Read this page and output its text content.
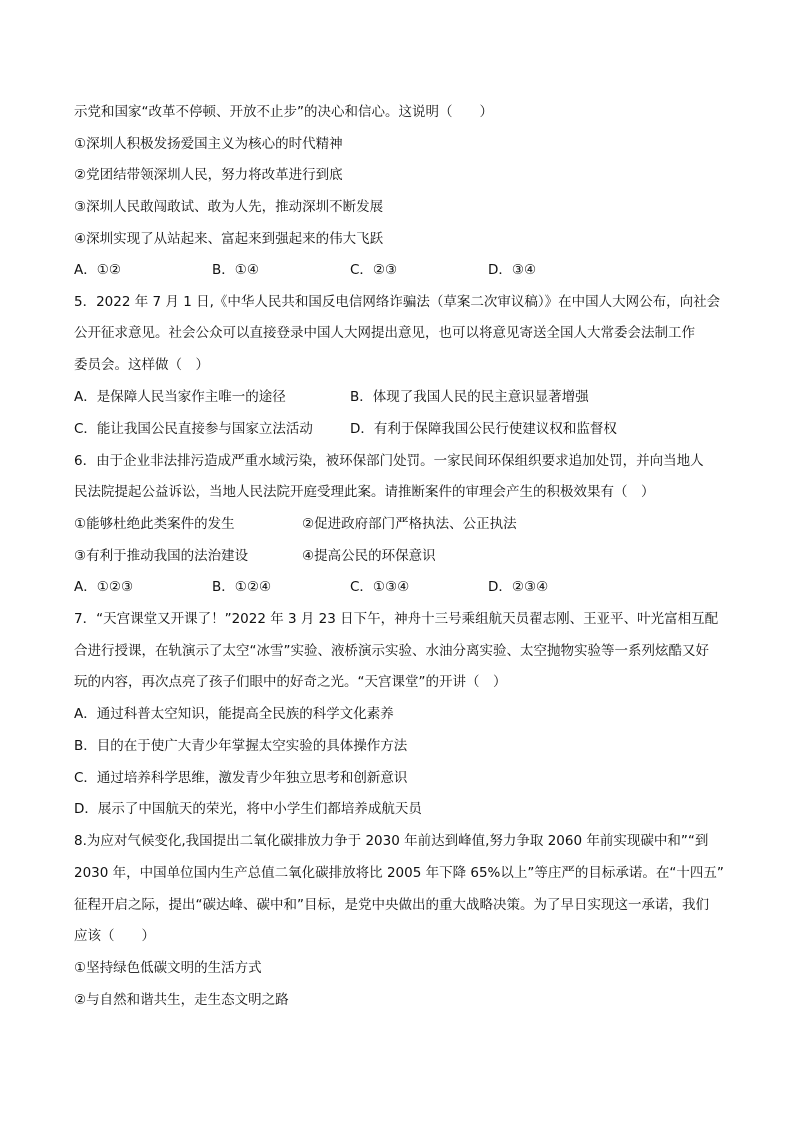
示党和国家“改革不停顿、开放不止步”的决心和信心。这说明（　　）
①深圳人积极发扬爱国主义为核心的时代精神
②党团结带领深圳人民，努力将改革进行到底
③深圳人民敢闯敢试、敢为人先，推动深圳不断发展
④深圳实现了从站起来、富起来到强起来的伟大飞跃
A．①②	B．①④	C．②③	D．③④
5．2022 年 7 月 1 日,《中华人民共和国反电信网络诈骗法（草案二次审议稿）》在中国人大网公布，向社会
公开征求意见。社会公众可以直接登录中国人大网提出意见，也可以将意见寄送全国人大常委会法制工作
委员会。这样做（　）
A．是保障人民当家作主唯一的途径	B．体现了我国人民的民主意识显著增强
C．能让我国公民直接参与国家立法活动	D．有利于保障我国公民行使建议权和监督权
6．由于企业非法排污造成严重水域污染，被环保部门处罚。一家民间环保组织要求追加处罚，并向当地人
民法院提起公益诉讼，当地人民法院开庭受理此案。请推断案件的审理会产生的积极效果有（　）
①能够杜绝此类案件的发生	②促进政府部门严格执法、公正执法
③有利于推动我国的法治建设	④提高公民的环保意识
A．①②③	B．①②④	C．①③④	D．②③④
7．“天宫课堂又开课了！”2022 年 3 月 23 日下午，神舟十三号乘组航天员翟志刚、王亚平、叶光富相互配
合进行授课，在轨演示了太空“冰雪”实验、液桥演示实验、水油分离实验、太空抛物实验等一系列炫酷又好
玩的内容，再次点亮了孩子们眼中的好奇之光。“天宫课堂”的开讲（　）
A．通过科普太空知识，能提高全民族的科学文化素养
B．目的在于使广大青少年掌握太空实验的具体操作方法
C．通过培养科学思维，激发青少年独立思考和创新意识
D．展示了中国航天的荣光，将中小学生们都培养成航天员
8.为应对气候变化,我国提出二氧化碳排放力争于 2030 年前达到峰值,努力争取 2060 年前实现碳中和”“到
2030 年，中国单位国内生产总值二氧化碳排放将比 2005 年下降 65%以上”等庄严的目标承诺。在“十四五”
征程开启之际，提出“碳达峰、碳中和”目标，是党中央做出的重大战略决策。为了早日实现这一承诺，我们
应该（　　）
①坚持绿色低碳文明的生活方式
②与自然和谐共生，走生态文明之路
